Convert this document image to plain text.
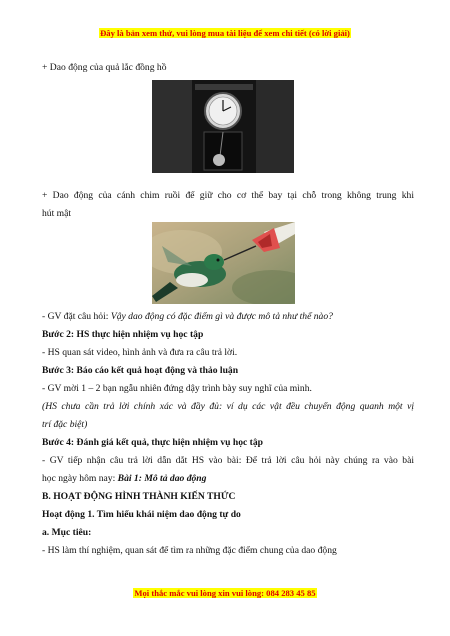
Đây là bản xem thử, vui lòng mua tài liệu để xem chi tiết (có lời giải)
+ Dao động của quả lắc đồng hồ
+ Dao động của cánh chim ruồi để giữ cho cơ thể bay tại chỗ trong không trung khi
hút mật
- GV đặt câu hỏi: Vậy dao động có đặc điểm gì và được mô tả như thế nào?
Bước 2: HS thực hiện nhiệm vụ học tập
- HS quan sát video, hình ảnh và đưa ra câu trả lời.
Bước 3: Báo cáo kết quả hoạt động và thảo luận
- GV mời 1 – 2 bạn ngẫu nhiên đứng dậy trình bày suy nghĩ của mình.
(HS chưa cần trả lời chính xác và đầy đủ: ví dụ các vật đều chuyển động quanh một vị
trí đặc biệt)
Bước 4: Đánh giá kết quả, thực hiện nhiệm vụ học tập
- GV tiếp nhận câu trả lời dẫn dắt HS vào bài: Để trả lời câu hỏi này chúng ra vào bài
học ngày hôm nay: Bài 1: Mô tả dao động
B. HOẠT ĐỘNG HÌNH THÀNH KIẾN THỨC
Hoạt động 1. Tìm hiểu khái niệm dao động tự do
a. Mục tiêu:
- HS làm thí nghiệm, quan sát để tìm ra những đặc điểm chung của dao động
Mọi thắc mắc vui lòng xin vui lòng: 084 283 45 85
